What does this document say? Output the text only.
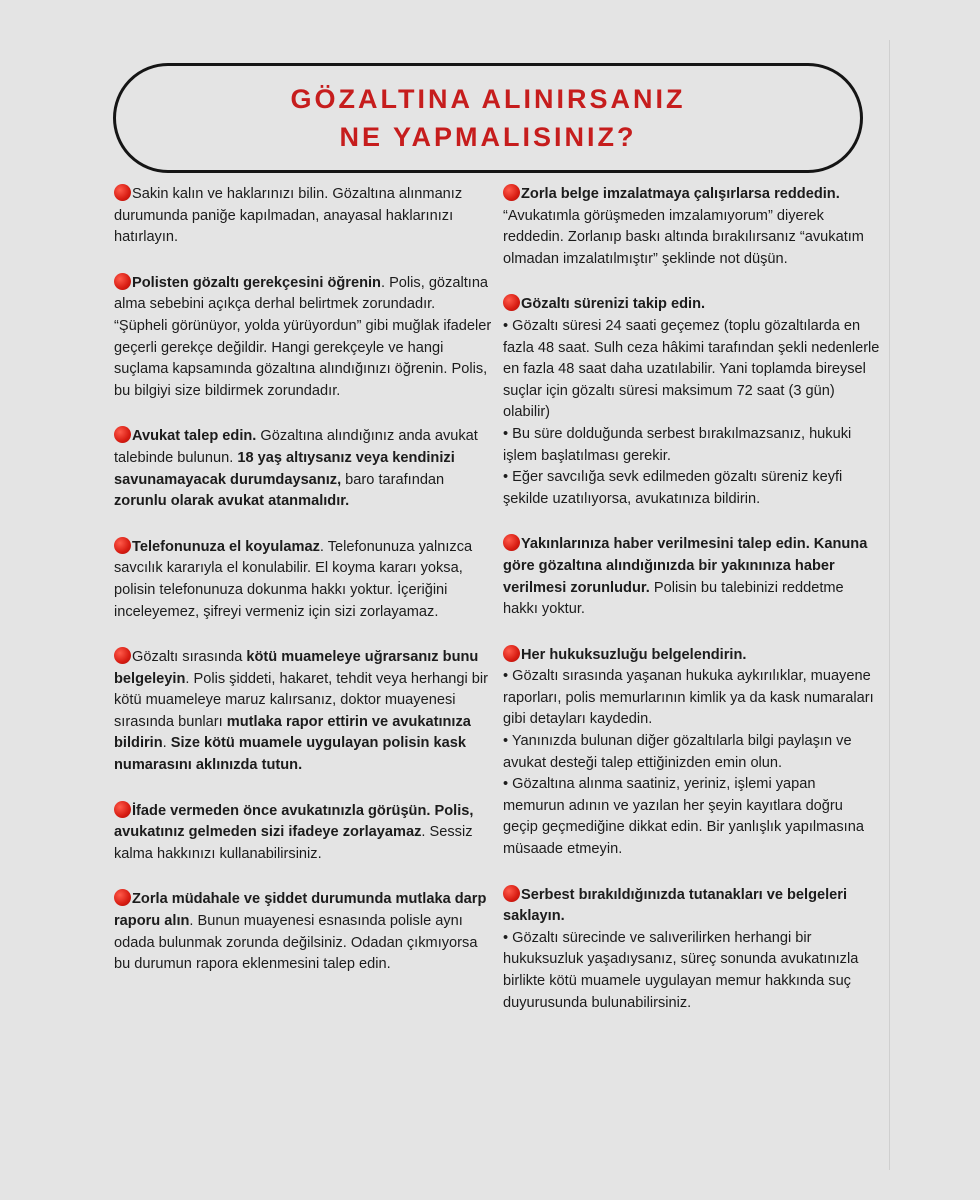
GÖZALTINA ALINIRSANIZ
NE YAPMALISINIZ?
Sakin kalın ve haklarınızı bilin. Gözaltına alınmanız durumunda paniğe kapılmadan, anayasal haklarınızı hatırlayın.
Polisten gözaltı gerekçesini öğrenin. Polis, gözaltına alma sebebini açıkça derhal belirtmek zorundadır. “Şüpheli görünüyor, yolda yürüyordun” gibi muğlak ifadeler geçerli gerekçe değildir. Hangi gerekçeyle ve hangi suçlama kapsamında gözaltına alındığınızı öğrenin. Polis, bu bilgiyi size bildirmek zorundadır.
Avukat talep edin. Gözaltına alındığınız anda avukat talebinde bulunun. 18 yaş altıysanız veya kendinizi savunamayacak durumdaysanız, baro tarafından zorunlu olarak avukat atanmalıdır.
Telefonunuza el koyulamaz. Telefonunuza yalnızca savcılık kararıyla el konulabilir. El koyma kararı yoksa, polisin telefonunuza dokunma hakkı yoktur. İçeriğini inceleyemez, şifreyi vermeniz için sizi zorlayamaz.
Gözaltı sırasında kötü muameleye uğrarsanız bunu belgeleyin. Polis şiddeti, hakaret, tehdit veya herhangi bir kötü muameleye maruz kalırsanız, doktor muayenesi sırasında bunları mutlaka rapor ettirin ve avukatınıza bildirin. Size kötü muamele uygulayan polisin kask numarasını aklınızda tutun.
İfade vermeden önce avukatınızla görüşün. Polis, avukatınız gelmeden sizi ifadeye zorlayamaz. Sessiz kalma hakkınızı kullanabilirsiniz.
Zorla müdahale ve şiddet durumunda mutlaka darp raporu alın. Bunun muayenesi esnasında polisle aynı odada bulunmak zorunda değilsiniz. Odadan çıkmıyorsa bu durumun rapora eklenmesini talep edin.
Zorla belge imzalatmaya çalışırlarsa reddedin. “Avukatımla görüşmeden imzalamıyorum” diyerek reddedin. Zorlanıp baskı altında bırakılırsanız “avukatım olmadan imzalatılmıştır” şeklinde not düşün.
Gözaltı sürenizi takip edin.
• Gözaltı süresi 24 saati geçemez (toplu gözaltılarda en fazla 48 saat. Sulh ceza hâkimi tarafından şekli nedenlerle en fazla 48 saat daha uzatılabilir. Yani toplamda bireysel suçlar için gözaltı süresi maksimum 72 saat (3 gün) olabilir)
• Bu süre dolduğunda serbest bırakılmazsanız, hukuki işlem başlatılması gerekir.
• Eğer savcılığa sevk edilmeden gözaltı süreniz keyfi şekilde uzatılıyorsa, avukatınıza bildirin.
Yakınlarınıza haber verilmesini talep edin. Kanuna göre gözaltına alındığınızda bir yakınınıza haber verilmesi zorunludur. Polisin bu talebinizi reddetme hakkı yoktur.
Her hukuksuzluğu belgelendirin.
• Gözaltı sırasında yaşanan hukuka aykırılıklar, muayene raporları, polis memurlarının kimlik ya da kask numaraları gibi detayları kaydedin.
• Yanınızda bulunan diğer gözaltılarla bilgi paylaşın ve avukat desteği talep ettiğinizden emin olun.
• Gözaltına alınma saatiniz, yeriniz, işlemi yapan memurun adının ve yazılan her şeyin kayıtlara doğru geçip geçmediğine dikkat edin. Bir yanlışlık yapılmasına müsaade etmeyin.
Serbest bırakıldığınızda tutanakları ve belgeleri saklayın.
• Gözaltı sürecinde ve salıverilirken herhangi bir hukuksuzluk yaşadıysanız, süreç sonunda avukatınızla birlikte kötü muamele uygulayan memur hakkında suç duyurusunda bulunabilirsiniz.
